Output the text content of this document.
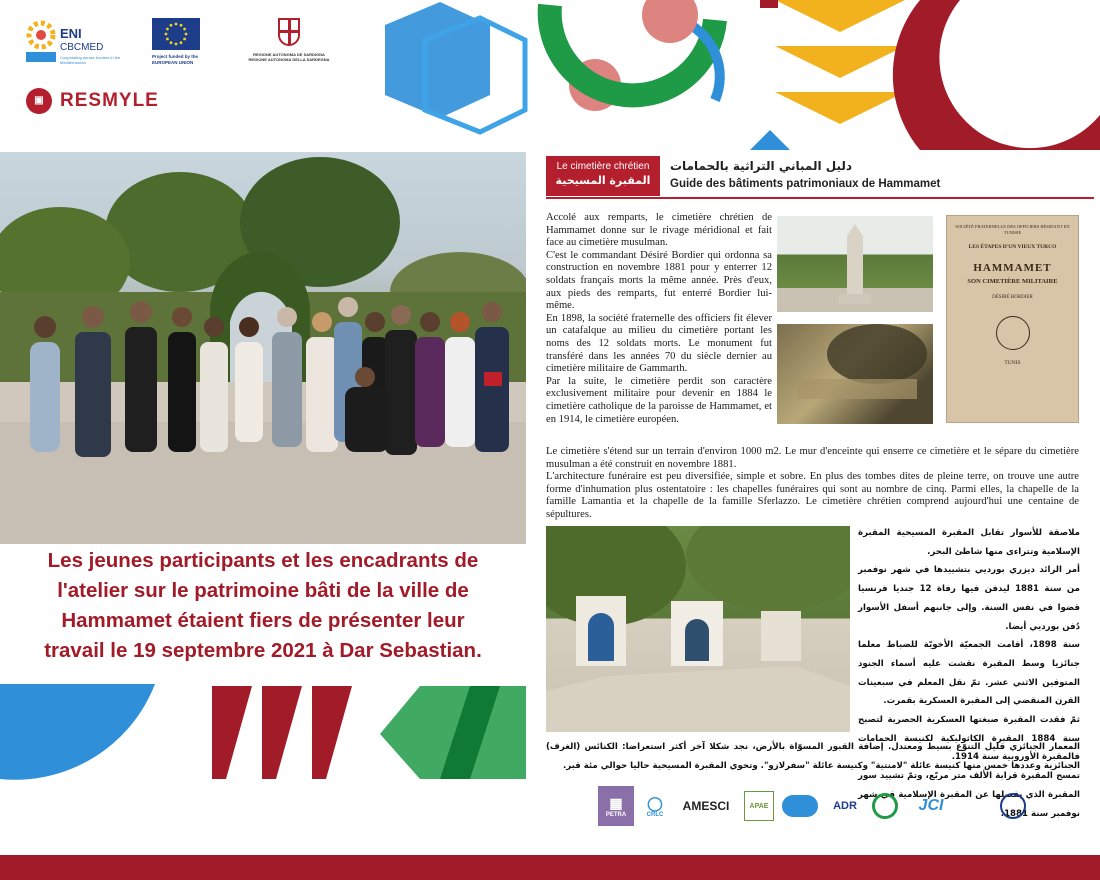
ENI
CBCMED
Cooperating across borders in the Mediterranean
Project funded by the EUROPEAN UNION
REGIONE AUTONOMA DE SARDIGNA REGIONE AUTONOMA DELLA SARDEGNA
▣ RESMYLE
Les jeunes participants et les encadrants de
l'atelier sur le patrimoine bâti de la ville de
Hammamet étaient fiers de présenter leur
travail le 19 septembre 2021 à Dar Sebastian.
Le cimetière chrétien
المقبرة المسيحية
دليل المباني التراثية بالحمامات
Guide des bâtiments patrimoniaux de Hammamet

Accolé aux remparts, le cimetière chrétien de Hammamet donne sur le rivage méridional et fait face au cimetière musulman.

C'est le commandant Désiré Bordier qui ordonna sa construction en novembre 1881 pour y enterrer 12 soldats français morts la même année. Près d'eux, aux pieds des remparts, fut enterré Bordier lui-même.

En 1898, la société fraternelle des officiers fit élever un catafalque au milieu du cimetière portant les noms des 12 soldats morts. Le monument fut transféré dans les années 70 du siècle dernier au cimetière militaire de Gammarth.

Par la suite, le cimetière perdit son caractère exclusivement militaire pour devenir en 1884 le cimetière catholique de la paroisse de Hammamet, et en 1914, le cimetière européen.

SOCIÉTÉ FRATERNELLE DES OFFICIERS RÉSIDANT EN TUNISIE
LES ÉTAPES D'UN VIEUX TURCO
HAMMAMET
SON CIMETIÈRE MILITAIRE
DÉSIRÉ BORDIER
TUNIS

Le cimetière s'étend sur un terrain d'environ 1000 m2. Le mur d'enceinte qui enserre ce cimetière et le sépare du cimetière musulman a été construit en novembre 1881.

L'architecture funéraire est peu diversifiée, simple et sobre. En plus des tombes dites de pleine terre, on trouve une autre forme d'inhumation plus ostentatoire : les chapelles funéraires qui sont au nombre de cinq. Parmi elles, la chapelle de la famille Lamantia et la chapelle de la famille Sferlazzo. Le cimetière chrétien comprend aujourd'hui une centaine de sépultures.

ملاصقة للأسوار تقابل المقبرة المسيحية المقبرة الإسلامية وتتراءى منها شاطئ البحر.
أمر الرائد ديزري بورديي بتشييدها في شهر نوفمبر من سنة 1881 ليدفن فيها رفاة 12 جنديا فرنسيا قضوا في نفس السنة. وإلى جانبهم أسفل الأسوار دُفن بورديي أيضا.
سنة 1898، أقامت الجمعيّة الأخويّة للضباط معلما جنائزيا وسط المقبرة نقشت عليه أسماء الجنود المتوفين الاثني عشر. تمّ نقل المعلم في سبعينات القرن المنقضي إلى المقبرة العسكرية بقمرت.
ثمّ فقدت المقبرة صبغتها العسكرية الحصرية لتصبح سنة 1884 المقبرة الكاثوليكية لكنيسة الحمامات فالمقبرة الأوروبية سنة 1914.
تمسح المقبرة قرابة الألف متر مربّع، وتمّ تشييد سور المقبرة الذي يفصلها عن المقبرة الإسلامية في شهر نوفمبر سنة 1881.
المعمار الجنائزي قليل التنوّع بسيط ومعتدل. إضافة القبور المسوّاة بالأرض، نجد شكلا آخر أكثر استعراضا: الكنائس (الغرف) الجنائزية وعددها خمس منها كنيسة عائلة "لامنتية" وكنيسة عائلة "سفرلازو". وتحوي المقبرة المسيحية حاليا حوالي مئة قبر.
▦
PETRA
◯
CRLC
AMESCI	APAE	ADR	JCI
